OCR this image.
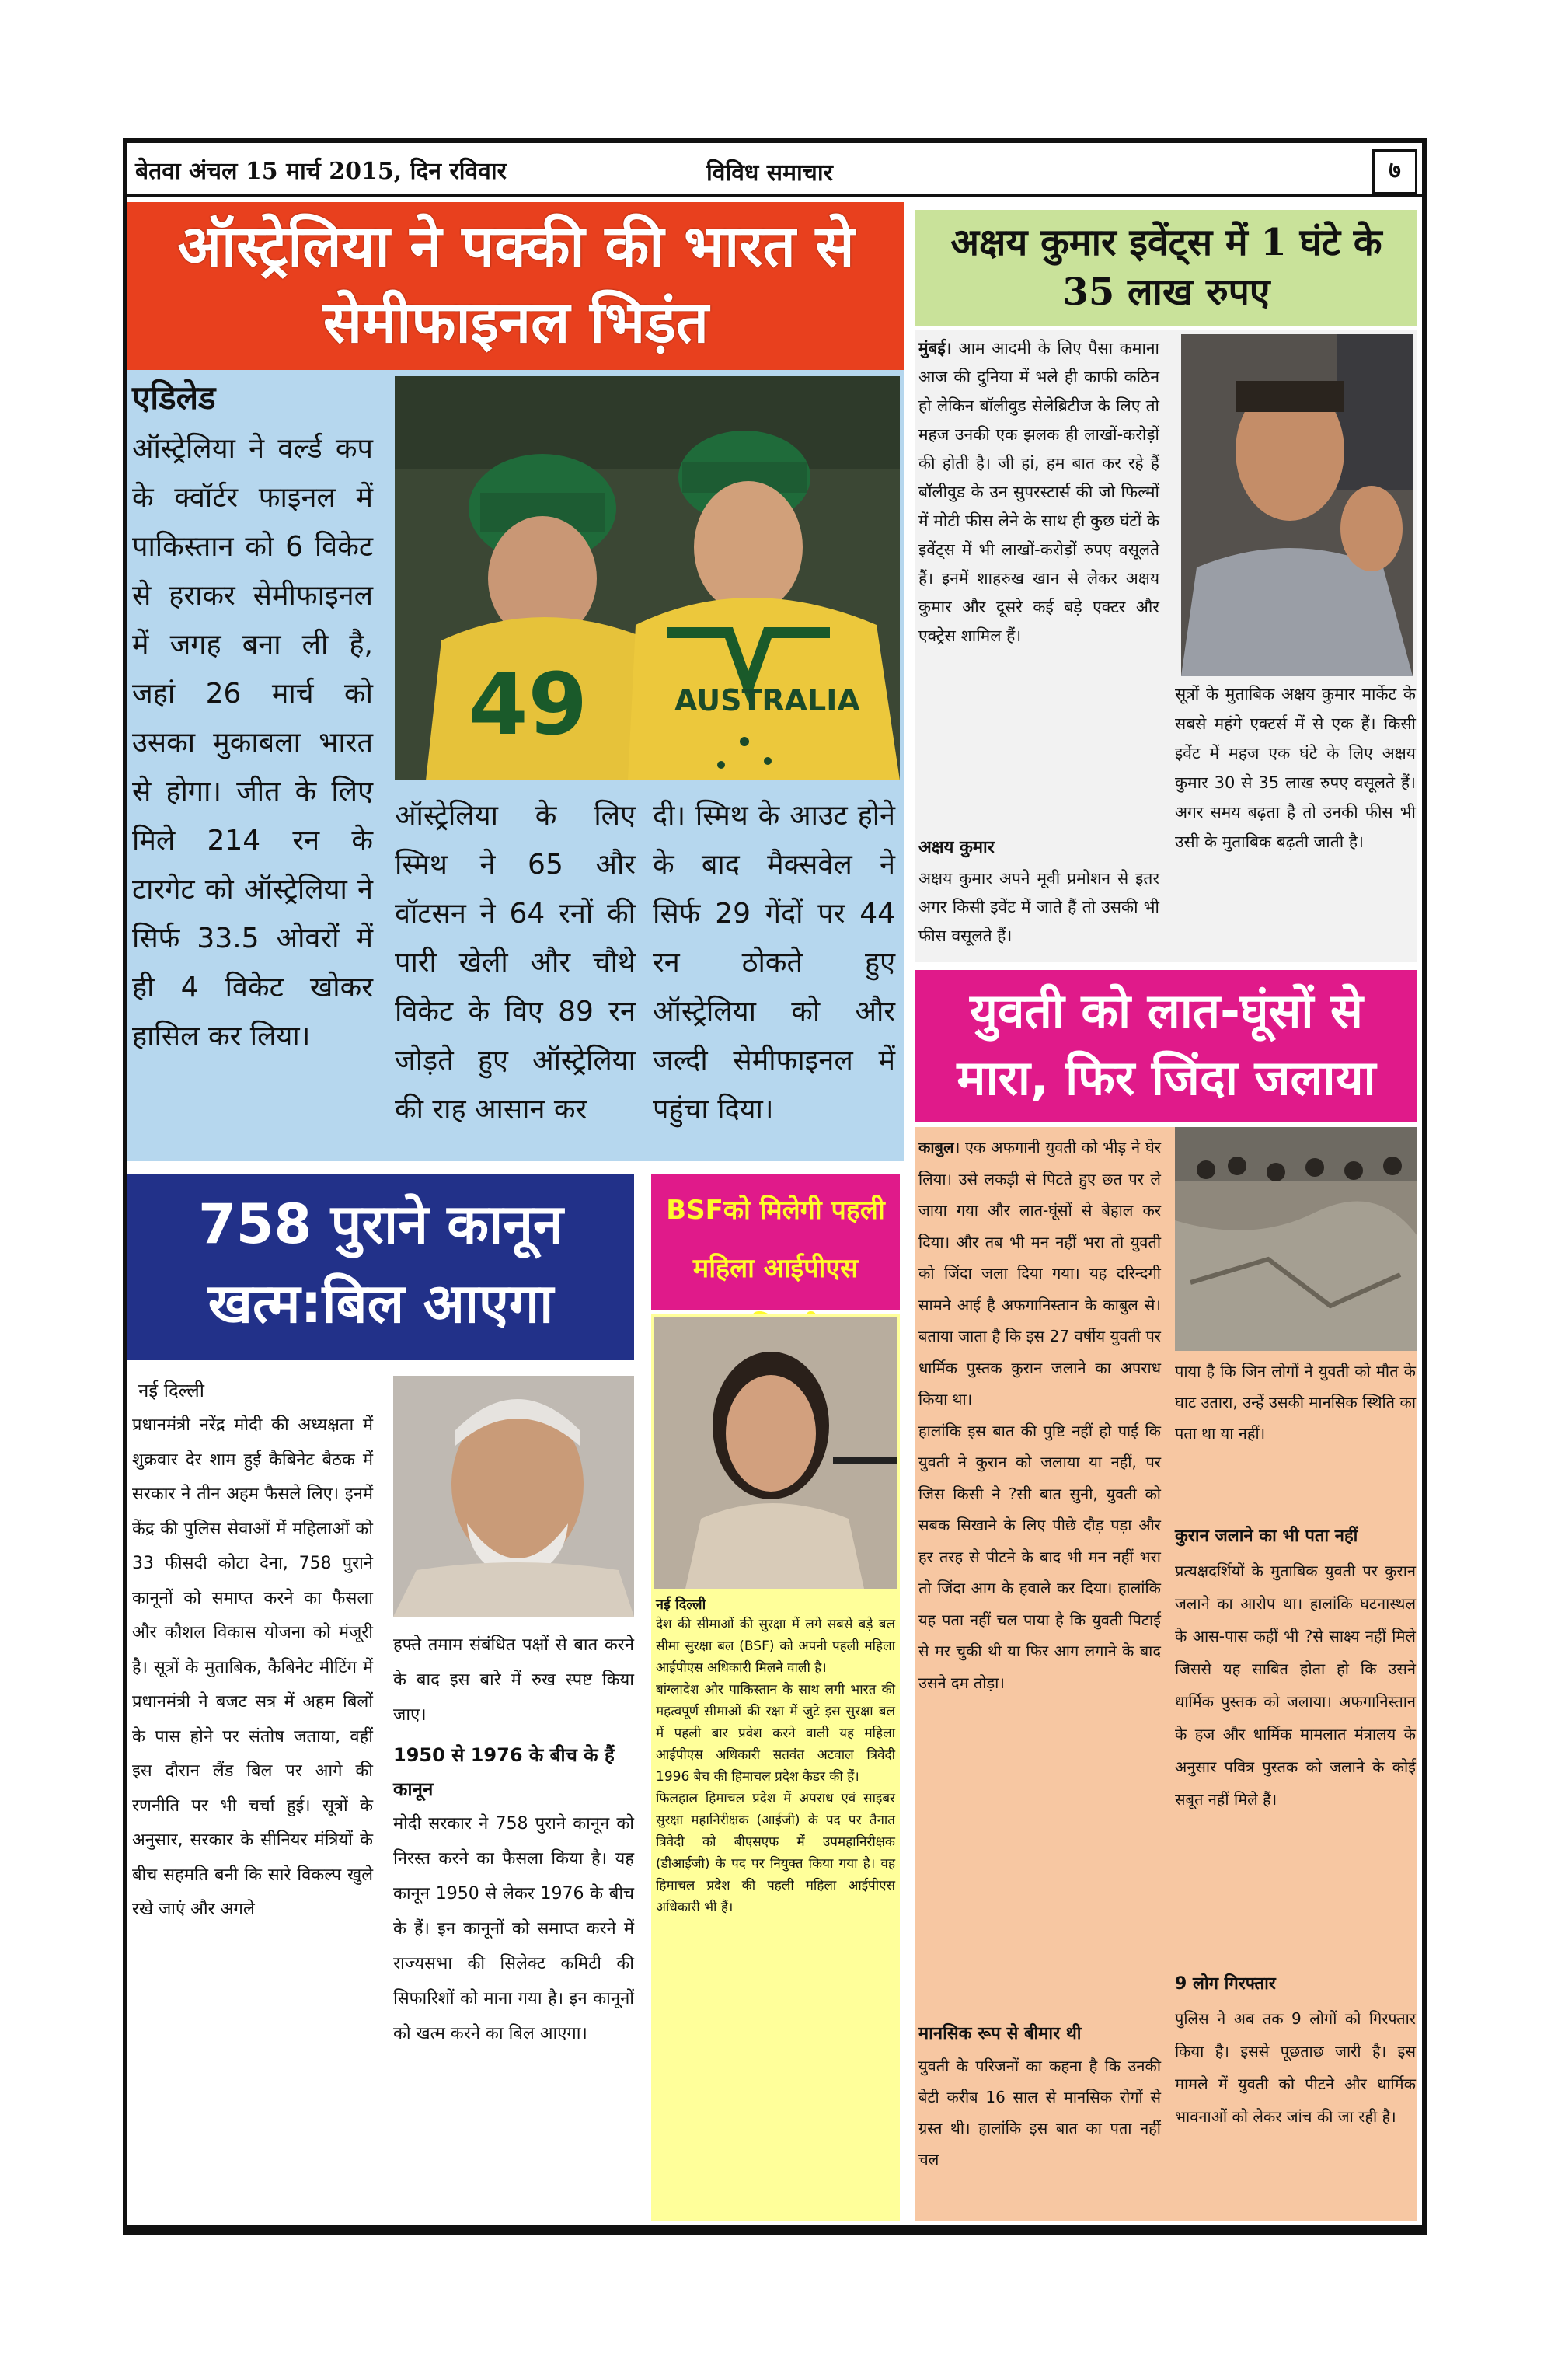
बेतवा अंचल 15 मार्च 2015, दिन रविवार	विविध समाचार	७
ऑस्ट्रेलिया ने पक्की की भारत से सेमीफाइनल भिड़ंत
एडिलेड
ऑस्ट्रेलिया ने वर्ल्ड कप के क्वॉर्टर फाइनल में पाकिस्तान को 6 विकेट से हराकर सेमीफाइनल में जगह बना ली है, जहां 26 मार्च को उसका मुकाबला भारत से होगा। जीत के लिए मिले 214 रन के टारगेट को ऑस्ट्रेलिया ने सिर्फ 33.5 ओवरों में ही 4 विकेट खोकर हासिल कर लिया।
49	AUSTRALIA
ऑस्ट्रेलिया के लिए स्मिथ ने 65 और वॉटसन ने 64 रनों की पारी खेली और चौथे विकेट के विए 89 रन जोड़ते हुए ऑस्ट्रेलिया की राह आसान कर
दी। स्मिथ के आउट होने के बाद मैक्सवेल ने सिर्फ 29 गेंदों पर 44 रन ठोकते हुए ऑस्ट्रेलिया को और जल्दी सेमीफाइनल में पहुंचा दिया।
अक्षय कुमार इवेंट्स में 1 घंटे के 35 लाख रुपए
मुंबई। आम आदमी के लिए पैसा कमाना आज की दुनिया में भले ही काफी कठिन हो लेकिन बॉलीवुड सेलेब्रिटीज के लिए तो महज उनकी एक झलक ही लाखों-करोड़ों की होती है। जी हां, हम बात कर रहे हैं बॉलीवुड के उन सुपरस्टार्स की जो फिल्मों में मोटी फीस लेने के साथ ही कुछ घंटों के इवेंट्स में भी लाखों-करोड़ों रुपए वसूलते हैं। इनमें शाहरुख खान से लेकर अक्षय कुमार और दूसरे कई बड़े एक्टर और एक्ट्रेस शामिल हैं।
अक्षय कुमार
अक्षय कुमार अपने मूवी प्रमोशन से इतर अगर किसी इवेंट में जाते हैं तो उसकी भी फीस वसूलते हैं।
सूत्रों के मुताबिक अक्षय कुमार मार्केट के सबसे महंगे एक्टर्स में से एक हैं। किसी इवेंट में महज एक घंटे के लिए अक्षय कुमार 30 से 35 लाख रुपए वसूलते हैं। अगर समय बढ़ता है तो उनकी फीस भी उसी के मुताबिक बढ़ती जाती है।
युवती को लात-घूंसों से मारा, फिर जिंदा जलाया
काबुल। एक अफगानी युवती को भीड़ ने घेर लिया। उसे लकड़ी से पिटते हुए छत पर ले जाया गया और लात-घूंसों से बेहाल कर दिया। और तब भी मन नहीं भरा तो युवती को जिंदा जला दिया गया। यह दरिन्दगी सामने आई है अफगानिस्तान के काबुल से। बताया जाता है कि इस 27 वर्षीय युवती पर धार्मिक पुस्तक कुरान जलाने का अपराध किया था।
हालांकि इस बात की पुष्टि नहीं हो पाई कि युवती ने कुरान को जलाया या नहीं, पर जिस किसी ने ?सी बात सुनी, युवती को सबक सिखाने के लिए पीछे दौड़ पड़ा और हर तरह से पीटने के बाद भी मन नहीं भरा तो जिंदा आग के हवाले कर दिया। हालांकि यह पता नहीं चल पाया है कि युवती पिटाई से मर चुकी थी या फिर आग लगाने के बाद उसने दम तोड़ा।
मानसिक रूप से बीमार थी
युवती के परिजनों का कहना है कि उनकी बेटी करीब 16 साल से मानसिक रोगों से ग्रस्त थी। हालांकि इस बात का पता नहीं चल
पाया है कि जिन लोगों ने युवती को मौत के घाट उतारा, उन्हें उसकी मानसिक स्थिति का पता था या नहीं।
कुरान जलाने का भी पता नहीं
प्रत्यक्षदर्शियों के मुताबिक युवती पर कुरान जलाने का आरोप था। हालांकि घटनास्थल के आस-पास कहीं भी ?से साक्ष्य नहीं मिले जिससे यह साबित होता हो कि उसने धार्मिक पुस्तक को जलाया। अफगानिस्तान के हज और धार्मिक मामलात मंत्रालय के अनुसार पवित्र पुस्तक को जलाने के कोई सबूत नहीं मिले हैं।
9 लोग गिरफ्तार
पुलिस ने अब तक 9 लोगों को गिरफ्तार किया है। इससे पूछताछ जारी है। इस मामले में युवती को पीटने और धार्मिक भावनाओं को लेकर जांच की जा रही है।
758 पुराने कानून खत्म:बिल आएगा
नई दिल्ली
प्रधानमंत्री नरेंद्र मोदी की अध्यक्षता में शुक्रवार देर शाम हुई कैबिनेट बैठक में सरकार ने तीन अहम फैसले लिए। इनमें केंद्र की पुलिस सेवाओं में महिलाओं को 33 फीसदी कोटा देना, 758 पुराने कानूनों को समाप्त करने का फैसला और कौशल विकास योजना को मंजूरी है। सूत्रों के मुताबिक, कैबिनेट मीटिंग में प्रधानमंत्री ने बजट सत्र में अहम बिलों के पास होने पर संतोष जताया, वहीं इस दौरान लैंड बिल पर आगे की रणनीति पर भी चर्चा हुई। सूत्रों के अनुसार, सरकार के सीनियर मंत्रियों के बीच सहमति बनी कि सारे विकल्प खुले रखे जाएं और अगले
हफ्ते तमाम संबंधित पक्षों से बात करने के बाद इस बारे में रुख स्पष्ट किया जाए।
1950 से 1976 के बीच के हैं कानून
मोदी सरकार ने 758 पुराने कानून को निरस्त करने का फैसला किया है। यह कानून 1950 से लेकर 1976 के बीच के हैं। इन कानूनों को समाप्त करने में राज्यसभा की सिलेक्ट कमिटी की सिफारिशों को माना गया है। इन कानूनों को खत्म करने का बिल आएगा।
BSFको मिलेगी पहली महिला आईपीएस
नई दिल्ली
देश की सीमाओं की सुरक्षा में लगे सबसे बड़े बल सीमा सुरक्षा बल (BSF) को अपनी पहली महिला आईपीएस अधिकारी मिलने वाली है।
बांग्लादेश और पाकिस्तान के साथ लगी भारत की महत्वपूर्ण सीमाओं की रक्षा में जुटे इस सुरक्षा बल में पहली बार प्रवेश करने वाली यह महिला आईपीएस अधिकारी सतवंत अटवाल त्रिवेदी 1996 बैच की हिमाचल प्रदेश कैडर की हैं।
फिलहाल हिमाचल प्रदेश में अपराध एवं साइबर सुरक्षा महानिरीक्षक (आईजी) के पद पर तैनात त्रिवेदी को बीएसएफ में उपमहानिरीक्षक (डीआईजी) के पद पर नियुक्त किया गया है। वह हिमाचल प्रदेश की पहली महिला आईपीएस अधिकारी भी हैं।
